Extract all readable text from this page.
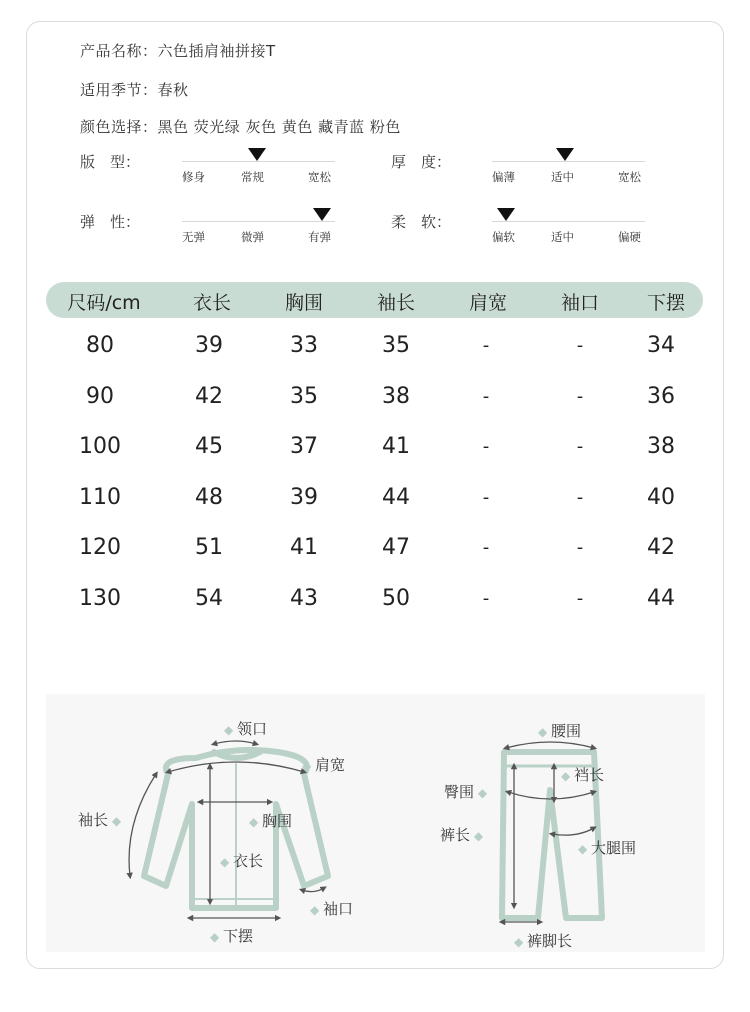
产品名称：六色插肩袖拼接T
适用季节：春秋
颜色选择：黑色 荧光绿 灰色 黄色 藏青蓝 粉色
版　型：
修身	常规	宽松
厚　度：
偏薄	适中	宽松
弹　性：
无弹	微弹	有弹
柔　软：
偏软	适中	偏硬
尺码/cm	衣长	胸围	袖长	肩宽	袖口	下摆
80	39	33	35	-	-	34
90	42	35	38	-	-	36
100	45	37	41	-	-	38
110	48	39	44	-	-	40
120	51	41	47	-	-	42
130	54	43	50	-	-	44
◆ 领口
◆ 肩宽
袖长 ◆	◆ 胸围
◆ 衣长
◆ 袖口
◆ 下摆
◆ 腰围
臀围 ◆
◆ 裆长
裤长 ◆
◆ 大腿围
◆ 裤脚长
